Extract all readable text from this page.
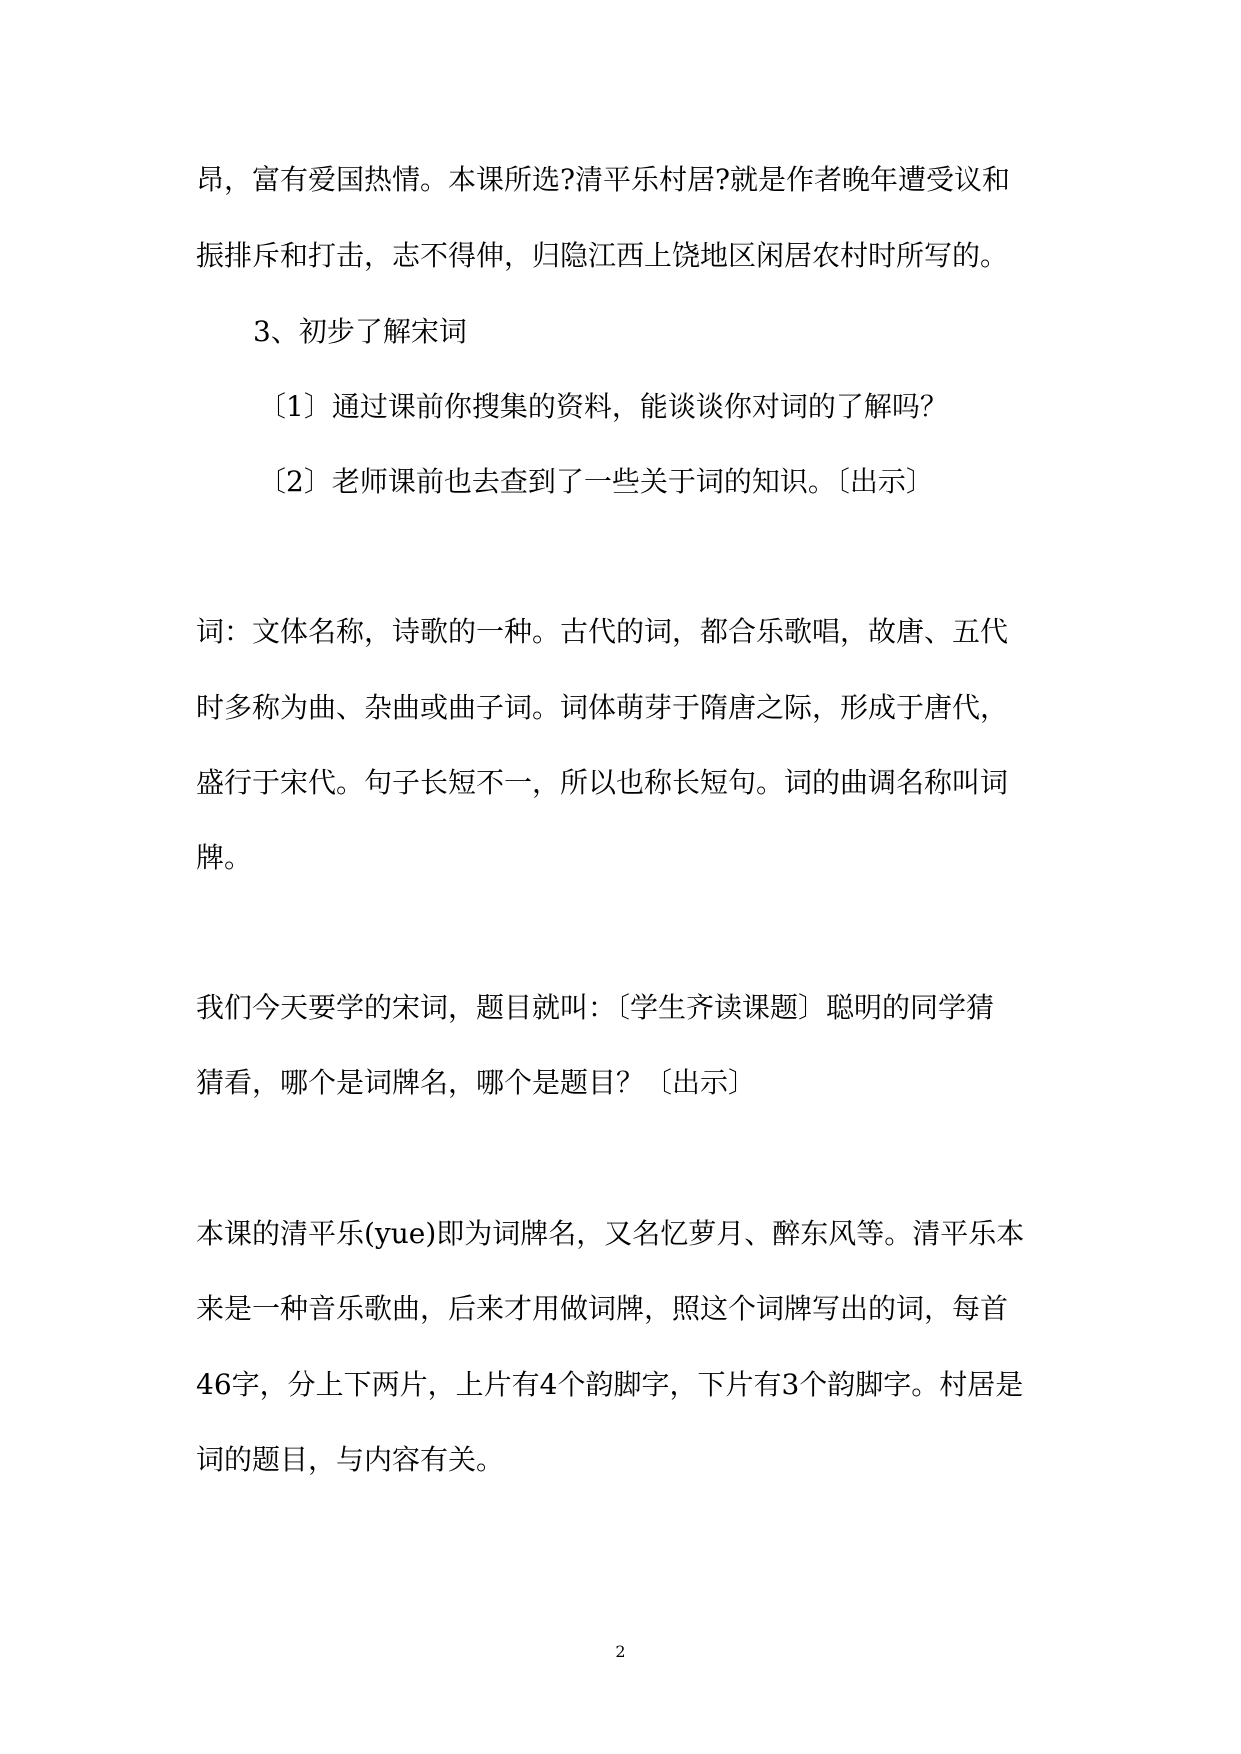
昂，富有爱国热情。本课所选?清平乐村居?就是作者晚年遭受议和
振排斥和打击，志不得伸，归隐江西上饶地区闲居农村时所写的。
3、初步了解宋词
〔1〕通过课前你搜集的资料，能谈谈你对词的了解吗？
〔2〕老师课前也去查到了一些关于词的知识。〔出示〕
词：文体名称，诗歌的一种。古代的词，都合乐歌唱，故唐、五代
时多称为曲、杂曲或曲子词。词体萌芽于隋唐之际，形成于唐代，
盛行于宋代。句子长短不一，所以也称长短句。词的曲调名称叫词
牌。
我们今天要学的宋词，题目就叫：〔学生齐读课题〕聪明的同学猜
猜看，哪个是词牌名，哪个是题目？〔出示〕
本课的清平乐(yue)即为词牌名，又名忆萝月、醉东风等。清平乐本
来是一种音乐歌曲，后来才用做词牌，照这个词牌写出的词，每首
46字，分上下两片，上片有4个韵脚字，下片有3个韵脚字。村居是
词的题目，与内容有关。
2
